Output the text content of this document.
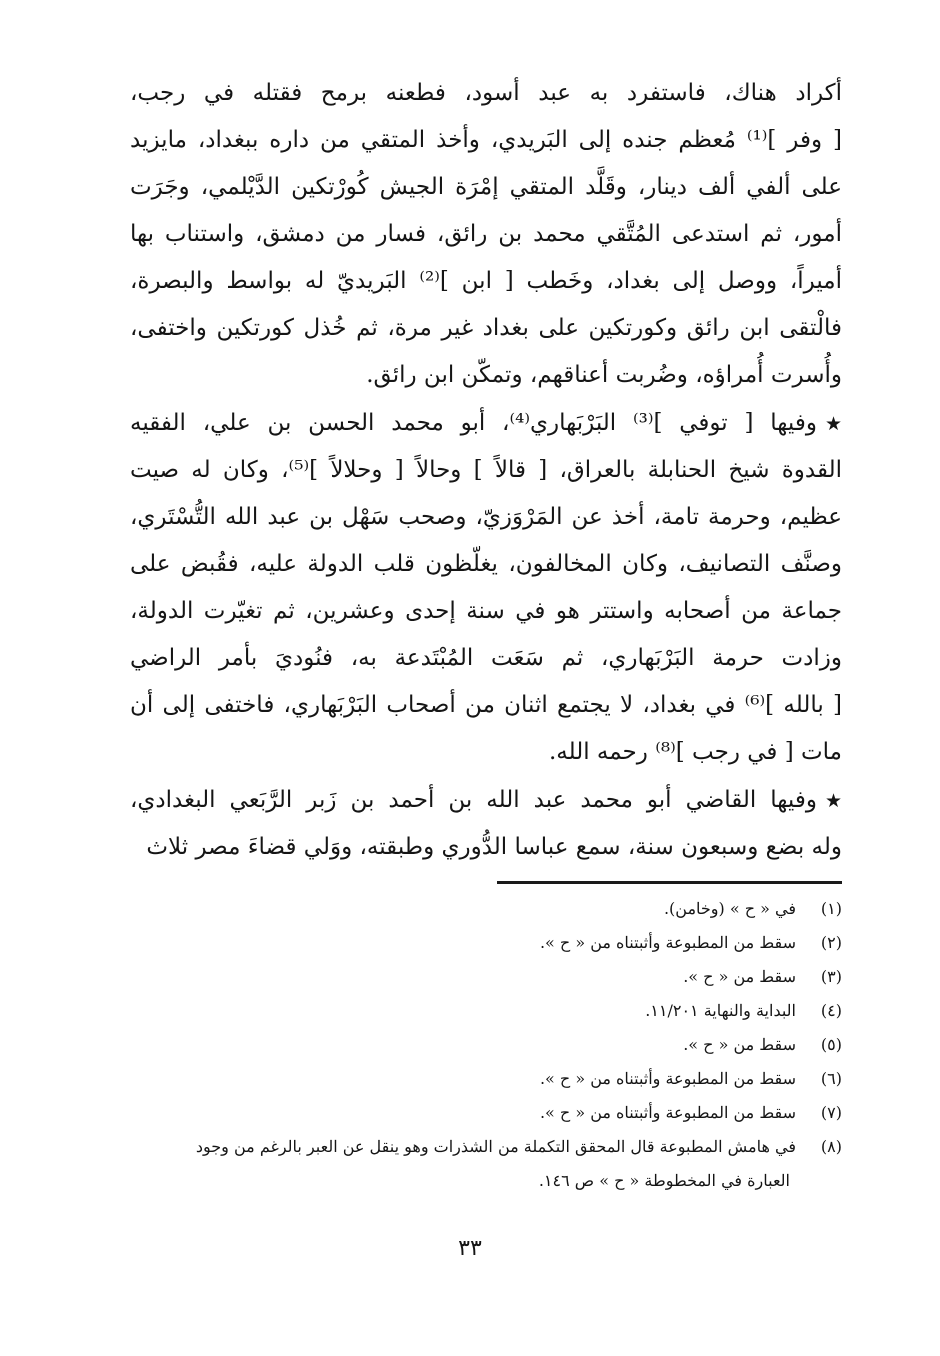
أكراد هناك، فاستفرد به عبد أسود، فطعنه برمح فقتله في رجب،
[ وفر ]⁽¹⁾ مُعظم جنده إلى البَريدي، وأخذ المتقي من داره ببغداد، مايزيد
على ألفي ألف دينار، وقَلَّد المتقي إمْرَة الجيش كُورْتكين الدَّيْلمي، وجَرَت
أمور، ثم استدعى المُتَّقي محمد بن رائق، فسار من دمشق، واستناب بها
أميراً، ووصل إلى بغداد، وخَطب [ ابن ]⁽²⁾ البَريديّ له بواسط والبصرة،
فالْتقى ابن رائق وكورتكين على بغداد غير مرة، ثم خُذل كورتكين واختفى،
وأُسرت أُمراؤه، وضُربت أعناقهم، وتمكّن ابن رائق.
★وفيها [ توفي ]⁽³⁾ البَرْبَهاري⁽⁴⁾، أبو محمد الحسن بن علي، الفقيه
القدوة شيخ الحنابلة بالعراق، [ قالاً ] وحالاً [ وحلالاً ]⁽⁵⁾، وكان له صيت
عظيم، وحرمة تامة، أخذ عن المَرْوَزيّ، وصحب سَهْل بن عبد الله التُّسْتَري،
وصنَّف التصانيف، وكان المخالفون، يغلّظون قلب الدولة عليه، فقُبض على
جماعة من أصحابه واستتر هو في سنة إحدى وعشرين، ثم تغيّرت الدولة،
وزادت حرمة البَرْبَهاري، ثم سَعَت المُبْتَدعة به، فنُوديَ بأمر الراضي
[ بالله ]⁽⁶⁾ في بغداد، لا يجتمع اثنان من أصحاب البَرْبَهاري، فاختفى إلى أن
مات [ في رجب ]⁽⁸⁾ رحمه الله.
★وفيها القاضي أبو محمد عبد الله بن أحمد بن زَبر الرَّبَعي البغدادي،
وله بضع وسبعون سنة، سمع عباسا الدُّوري وطبقته، ووَلي قضاءَ مصر ثلاث
(١)في « ح » (وخامن).
(٢)سقط من المطبوعة وأثبتناه من « ح ».
(٣)سقط من « ح ».
(٤)البداية والنهاية ١١/٢٠١.
(٥)سقط من « ح ».
(٦)سقط من المطبوعة وأثبتناه من « ح ».
(٧)سقط من المطبوعة وأثبتناه من « ح ».
(٨)في هامش المطبوعة قال المحقق التكملة من الشذرات وهو ينقل عن العبر بالرغم من وجود
العبارة في المخطوطة « ح » ص ١٤٦.
٣٣
